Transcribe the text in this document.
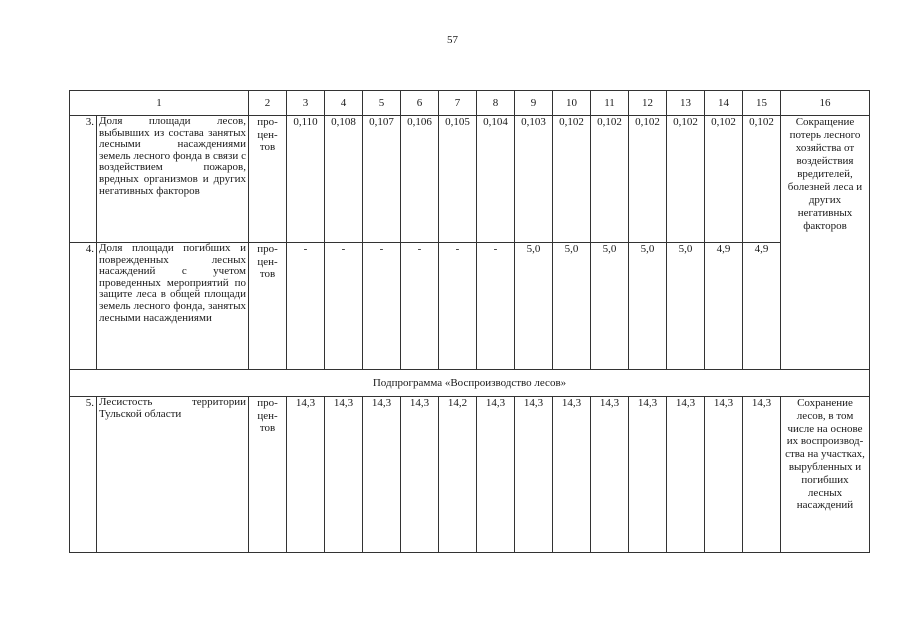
57
1		2	3	4	5	6	7	8	9	10	11	12	13	14	15	16
3.	Доля площади лесов, выбывших из состава занятых лесными насаждениями земель лесного фонда в связи с воздействием пожаров, вредных организмов и других негативных факторов	про-
цен-
тов	0,110	0,108	0,107	0,106	0,105	0,104	0,103	0,102	0,102	0,102	0,102	0,102	0,102	Сокращение потерь лесного хозяйства от воздействия вредителей, болезней леса и других негативных факторов
4.	Доля площади погибших и поврежденных лесных насаждений с учетом проведенных мероприятий по защите леса в общей площади земель лесного фонда, занятых лесными насаждениями	про-
цен-
тов	-	-	-	-	-	-	5,0	5,0	5,0	5,0	5,0	4,9	4,9	
Подпрограмма «Воспроизводство лесов»																
5.	Лесистость территории Тульской области	про-
цен-
тов	14,3	14,3	14,3	14,3	14,2	14,3	14,3	14,3	14,3	14,3	14,3	14,3	14,3	Сохранение лесов, в том числе на основе их воспроизвод-ства на участках, вырубленных и погибших лесных насаждений
